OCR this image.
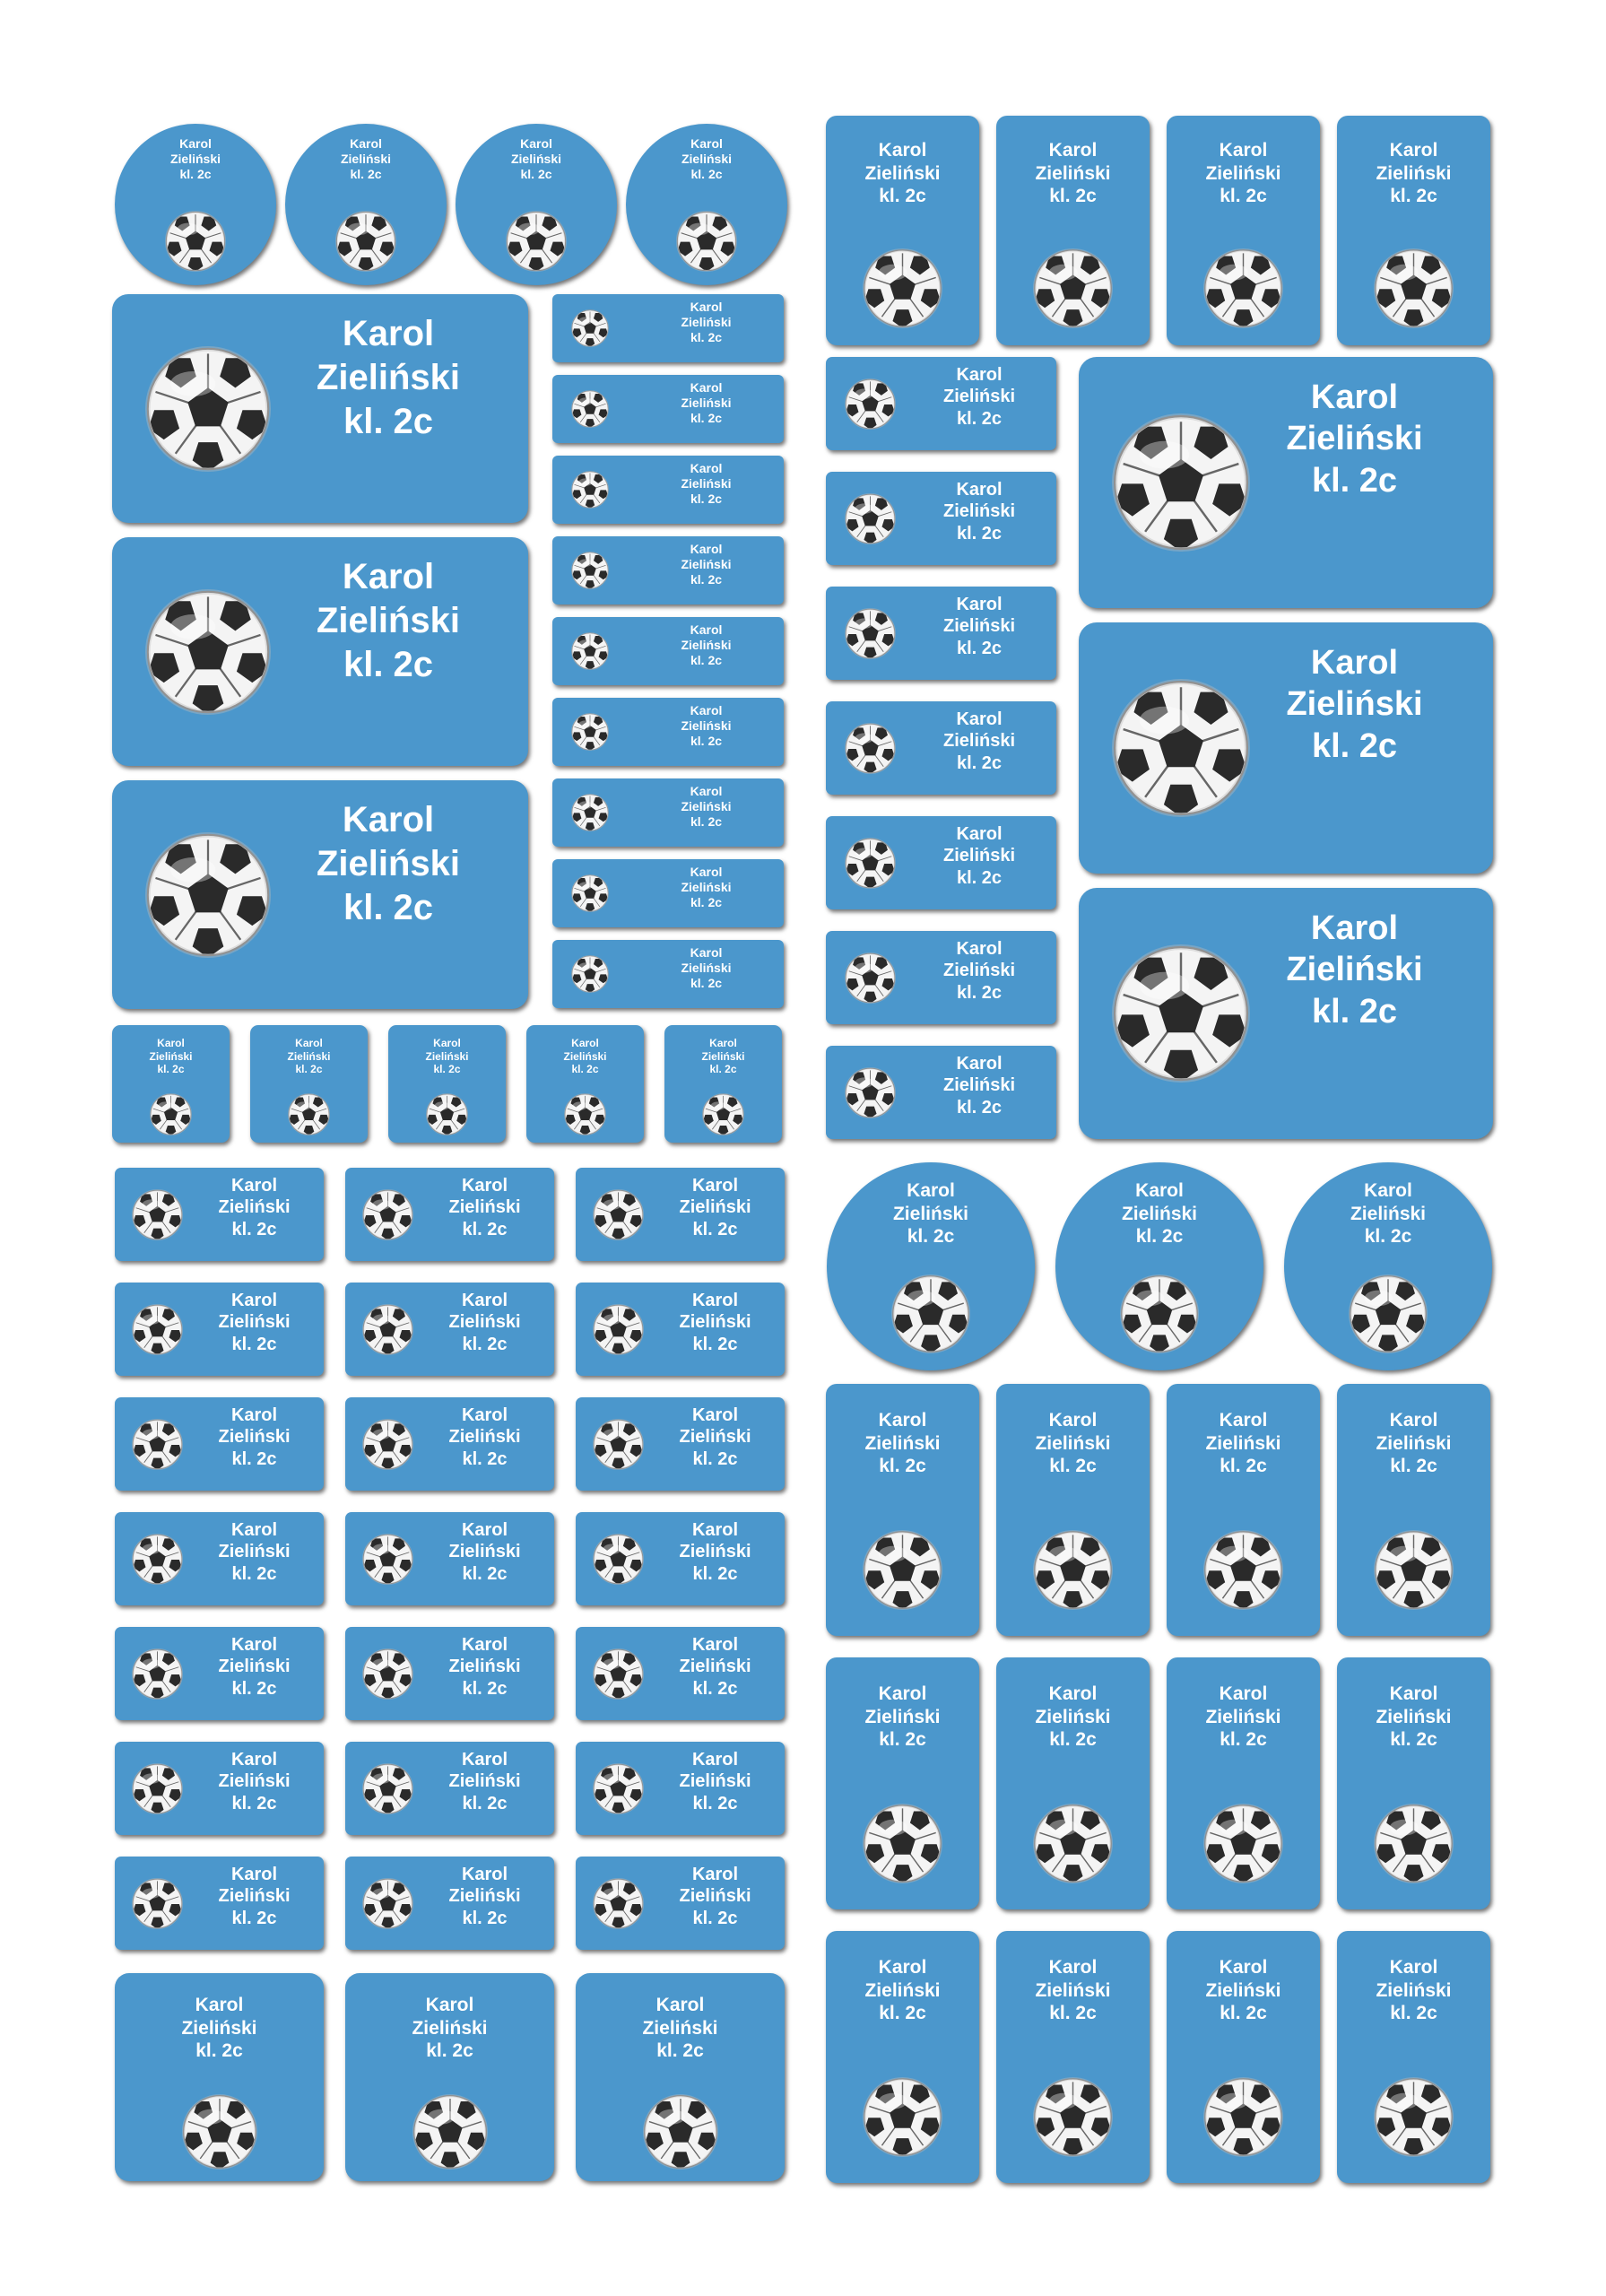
Karol
Zieliński
kl. 2c
Karol
Zieliński
kl. 2c
Karol
Zieliński
kl. 2c
Karol
Zieliński
kl. 2c
Karol
Zieliński
kl. 2c
Karol
Zieliński
kl. 2c
Karol
Zieliński
kl. 2c
Karol
Zieliński
kl. 2c
Karol
Zieliński
kl. 2c
Karol
Zieliński
kl. 2c
Karol
Zieliński
kl. 2c
Karol
Zieliński
kl. 2c
Karol
Zieliński
kl. 2c
Karol
Zieliński
kl. 2c
Karol
Zieliński
kl. 2c
Karol
Zieliński
kl. 2c
Karol
Zieliński
kl. 2c
Karol
Zieliński
kl. 2c
Karol
Zieliński
kl. 2c
Karol
Zieliński
kl. 2c
Karol
Zieliński
kl. 2c
Karol
Zieliński
kl. 2c
Karol
Zieliński
kl. 2c
Karol
Zieliński
kl. 2c
Karol
Zieliński
kl. 2c
Karol
Zieliński
kl. 2c
Karol
Zieliński
kl. 2c
Karol
Zieliński
kl. 2c
Karol
Zieliński
kl. 2c
Karol
Zieliński
kl. 2c
Karol
Zieliński
kl. 2c
Karol
Zieliński
kl. 2c
Karol
Zieliński
kl. 2c
Karol
Zieliński
kl. 2c
Karol
Zieliński
kl. 2c
Karol
Zieliński
kl. 2c
Karol
Zieliński
kl. 2c
Karol
Zieliński
kl. 2c
Karol
Zieliński
kl. 2c
Karol
Zieliński
kl. 2c
Karol
Zieliński
kl. 2c
Karol
Zieliński
kl. 2c
Karol
Zieliński
kl. 2c
Karol
Zieliński
kl. 2c
Karol
Zieliński
kl. 2c
Karol
Zieliński
kl. 2c
Karol
Zieliński
kl. 2c
Karol
Zieliński
kl. 2c
Karol
Zieliński
kl. 2c
Karol
Zieliński
kl. 2c
Karol
Zieliński
kl. 2c
Karol
Zieliński
kl. 2c
Karol
Zieliński
kl. 2c
Karol
Zieliński
kl. 2c
Karol
Zieliński
kl. 2c
Karol
Zieliński
kl. 2c
Karol
Zieliński
kl. 2c
Karol
Zieliński
kl. 2c
Karol
Zieliński
kl. 2c
Karol
Zieliński
kl. 2c
Karol
Zieliński
kl. 2c
Karol
Zieliński
kl. 2c
Karol
Zieliński
kl. 2c
Karol
Zieliński
kl. 2c
Karol
Zieliński
kl. 2c
Karol
Zieliński
kl. 2c
Karol
Zieliński
kl. 2c
Karol
Zieliński
kl. 2c
Karol
Zieliński
kl. 2c
Karol
Zieliński
kl. 2c
Karol
Zieliński
kl. 2c
Karol
Zieliński
kl. 2c
Karol
Zieliński
kl. 2c
Karol
Zieliński
kl. 2c
